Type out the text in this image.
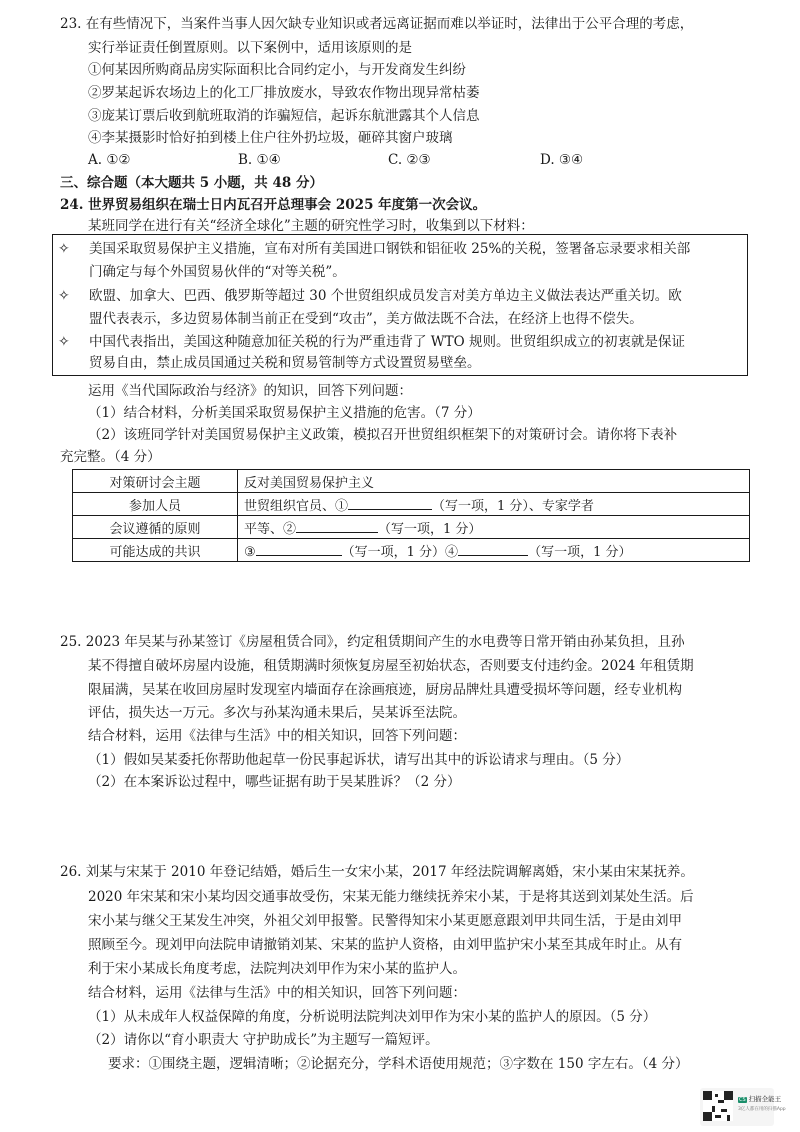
23. 在有些情况下，当案件当事人因欠缺专业知识或者远离证据而难以举证时，法律出于公平合理的考虑，
实行举证责任倒置原则。以下案例中，适用该原则的是
①何某因所购商品房实际面积比合同约定小，与开发商发生纠纷
②罗某起诉农场边上的化工厂排放废水，导致农作物出现异常枯萎
③庞某订票后收到航班取消的诈骗短信，起诉东航泄露其个人信息
④李某摄影时恰好拍到楼上住户往外扔垃圾，砸碎其窗户玻璃
A. ①②	B. ①④	C. ②③	D. ③④
三、综合题（本大题共 5 小题，共 48 分）
24. 世界贸易组织在瑞士日内瓦召开总理事会 2025 年度第一次会议。
某班同学在进行有关“经济全球化”主题的研究性学习时，收集到以下材料：
✧ 美国采取贸易保护主义措施，宣布对所有美国进口钢铁和铝征收 25%的关税，签署备忘录要求相关部
门确定与每个外国贸易伙伴的“对等关税”。
✧ 欧盟、加拿大、巴西、俄罗斯等超过 30 个世贸组织成员发言对美方单边主义做法表达严重关切。欧
盟代表表示，多边贸易体制当前正在受到“攻击”，美方做法既不合法，在经济上也得不偿失。
✧ 中国代表指出，美国这种随意加征关税的行为严重违背了 WTO 规则。世贸组织成立的初衷就是保证
贸易自由，禁止成员国通过关税和贸易管制等方式设置贸易壁垒。
运用《当代国际政治与经济》的知识，回答下列问题：
（1）结合材料，分析美国采取贸易保护主义措施的危害。（7 分）
（2）该班同学针对美国贸易保护主义政策，模拟召开世贸组织框架下的对策研讨会。请你将下表补
充完整。（4 分）
对策研讨会主题	反对美国贸易保护主义
参加人员	世贸组织官员、① （写一项，1 分）、专家学者
会议遵循的原则	平等、② （写一项，1 分）
可能达成的共识	③ （写一项，1 分）④ （写一项，1 分）
25. 2023 年吴某与孙某签订《房屋租赁合同》，约定租赁期间产生的水电费等日常开销由孙某负担，且孙
某不得擅自破坏房屋内设施，租赁期满时须恢复房屋至初始状态，否则要支付违约金。2024 年租赁期
限届满，吴某在收回房屋时发现室内墙面存在涂画痕迹，厨房品牌灶具遭受损坏等问题，经专业机构
评估，损失达一万元。多次与孙某沟通未果后，吴某诉至法院。
结合材料，运用《法律与生活》中的相关知识，回答下列问题：
（1）假如吴某委托你帮助他起草一份民事起诉状，请写出其中的诉讼请求与理由。（5 分）
（2）在本案诉讼过程中，哪些证据有助于吴某胜诉？（2 分）
26. 刘某与宋某于 2010 年登记结婚，婚后生一女宋小某，2017 年经法院调解离婚，宋小某由宋某抚养。
2020 年宋某和宋小某均因交通事故受伤，宋某无能力继续抚养宋小某，于是将其送到刘某处生活。后
宋小某与继父王某发生冲突，外祖父刘甲报警。民警得知宋小某更愿意跟刘甲共同生活，于是由刘甲
照顾至今。现刘甲向法院申请撤销刘某、宋某的监护人资格，由刘甲监护宋小某至其成年时止。从有
利于宋小某成长角度考虑，法院判决刘甲作为宋小某的监护人。
结合材料，运用《法律与生活》中的相关知识，回答下列问题：
（1）从未成年人权益保障的角度，分析说明法院判决刘甲作为宋小某的监护人的原因。（5 分）
（2）请你以“育小职责大 守护助成长”为主题写一篇短评。
要求：①围绕主题，逻辑清晰；②论据充分，学科术语使用规范；③字数在 150 字左右。（4 分）
CS 扫描全能王
3亿人都在用的扫描App
